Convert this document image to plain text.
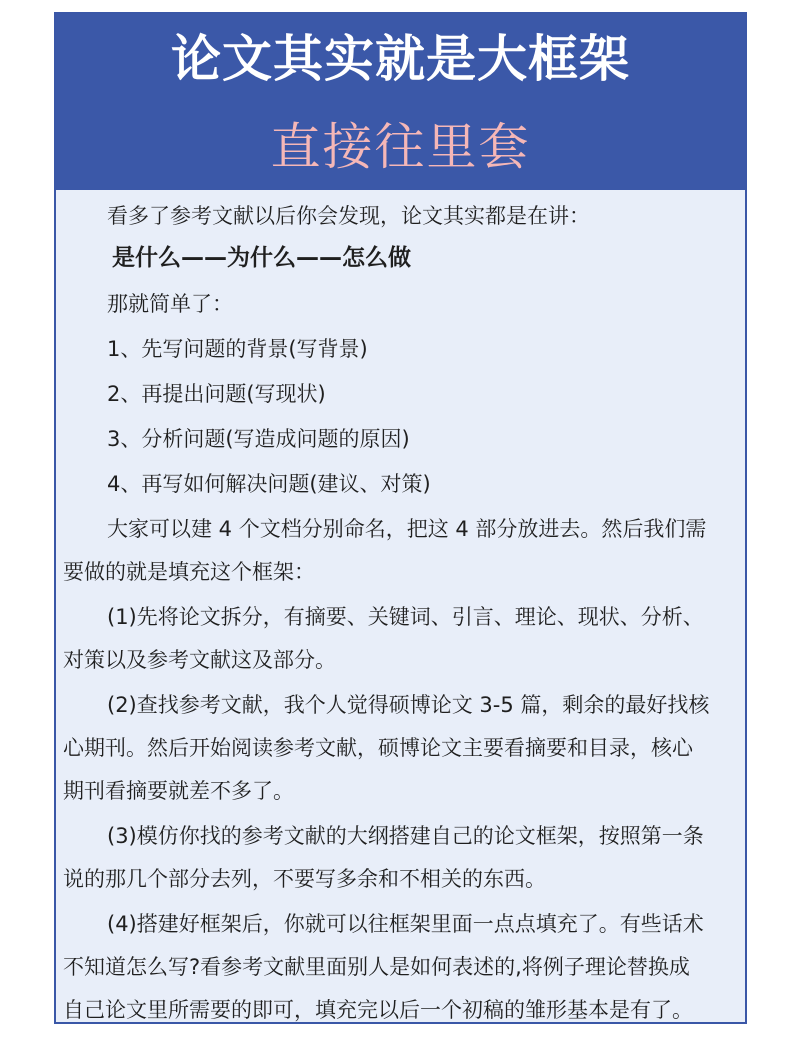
论文其实就是大框架
直接往里套
看多了参考文献以后你会发现，论文其实都是在讲：
是什么——为什么——怎么做
那就简单了：
1、先写问题的背景(写背景)
2、再提出问题(写现状)
3、分析问题(写造成问题的原因)
4、再写如何解决问题(建议、对策)
大家可以建 4 个文档分别命名，把这 4 部分放进去。然后我们需
要做的就是填充这个框架：
(1)先将论文拆分，有摘要、关键词、引言、理论、现状、分析、
对策以及参考文献这及部分。
(2)查找参考文献，我个人觉得硕博论文 3-5 篇，剩余的最好找核
心期刊。然后开始阅读参考文献，硕博论文主要看摘要和目录，核心
期刊看摘要就差不多了。
(3)模仿你找的参考文献的大纲搭建自己的论文框架，按照第一条
说的那几个部分去列，不要写多余和不相关的东西。
(4)搭建好框架后，你就可以往框架里面一点点填充了。有些话术
不知道怎么写?看参考文献里面别人是如何表述的,将例子理论替换成
自己论文里所需要的即可，填充完以后一个初稿的雏形基本是有了。
